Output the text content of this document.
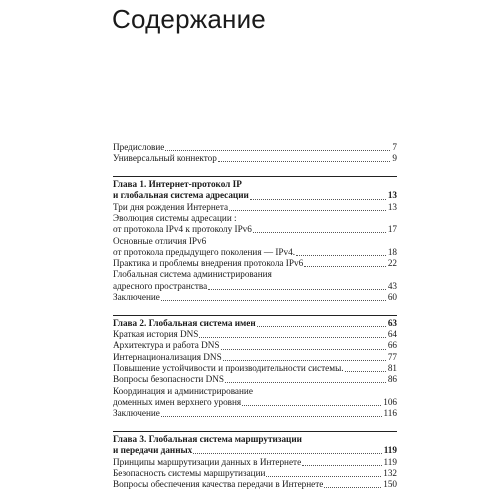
Содержание
Предисловие	7
Универсальный коннектор	9
Глава 1. Интернет-протокол IP
и глобальная система адресации	13
Три дня рождения Интернета	13
Эволюция системы адресации :
от протокола IPv4 к протоколу IPv6	17
Основные отличия IPv6
от протокола предыдущего поколения — IPv4.	18
Практика и проблемы внедрения протокола IPv6	22
Глобальная система администрирования
адресного пространства	43
Заключение	60
Глава 2. Глобальная система имен	63
Краткая история DNS	64
Архитектура и работа DNS	66
Интернационализация DNS	77
Повышение устойчивости и производительности системы.	81
Вопросы безопасности DNS	86
Координация и администрирование
доменных имен верхнего уровня	106
Заключение	116
Глава 3. Глобальная система маршрутизации
и передачи данных	119
Принципы маршрутизации данных в Интернете	119
Безопасность системы маршрутизации	132
Вопросы обеспечения качества передачи в Интернете	150
